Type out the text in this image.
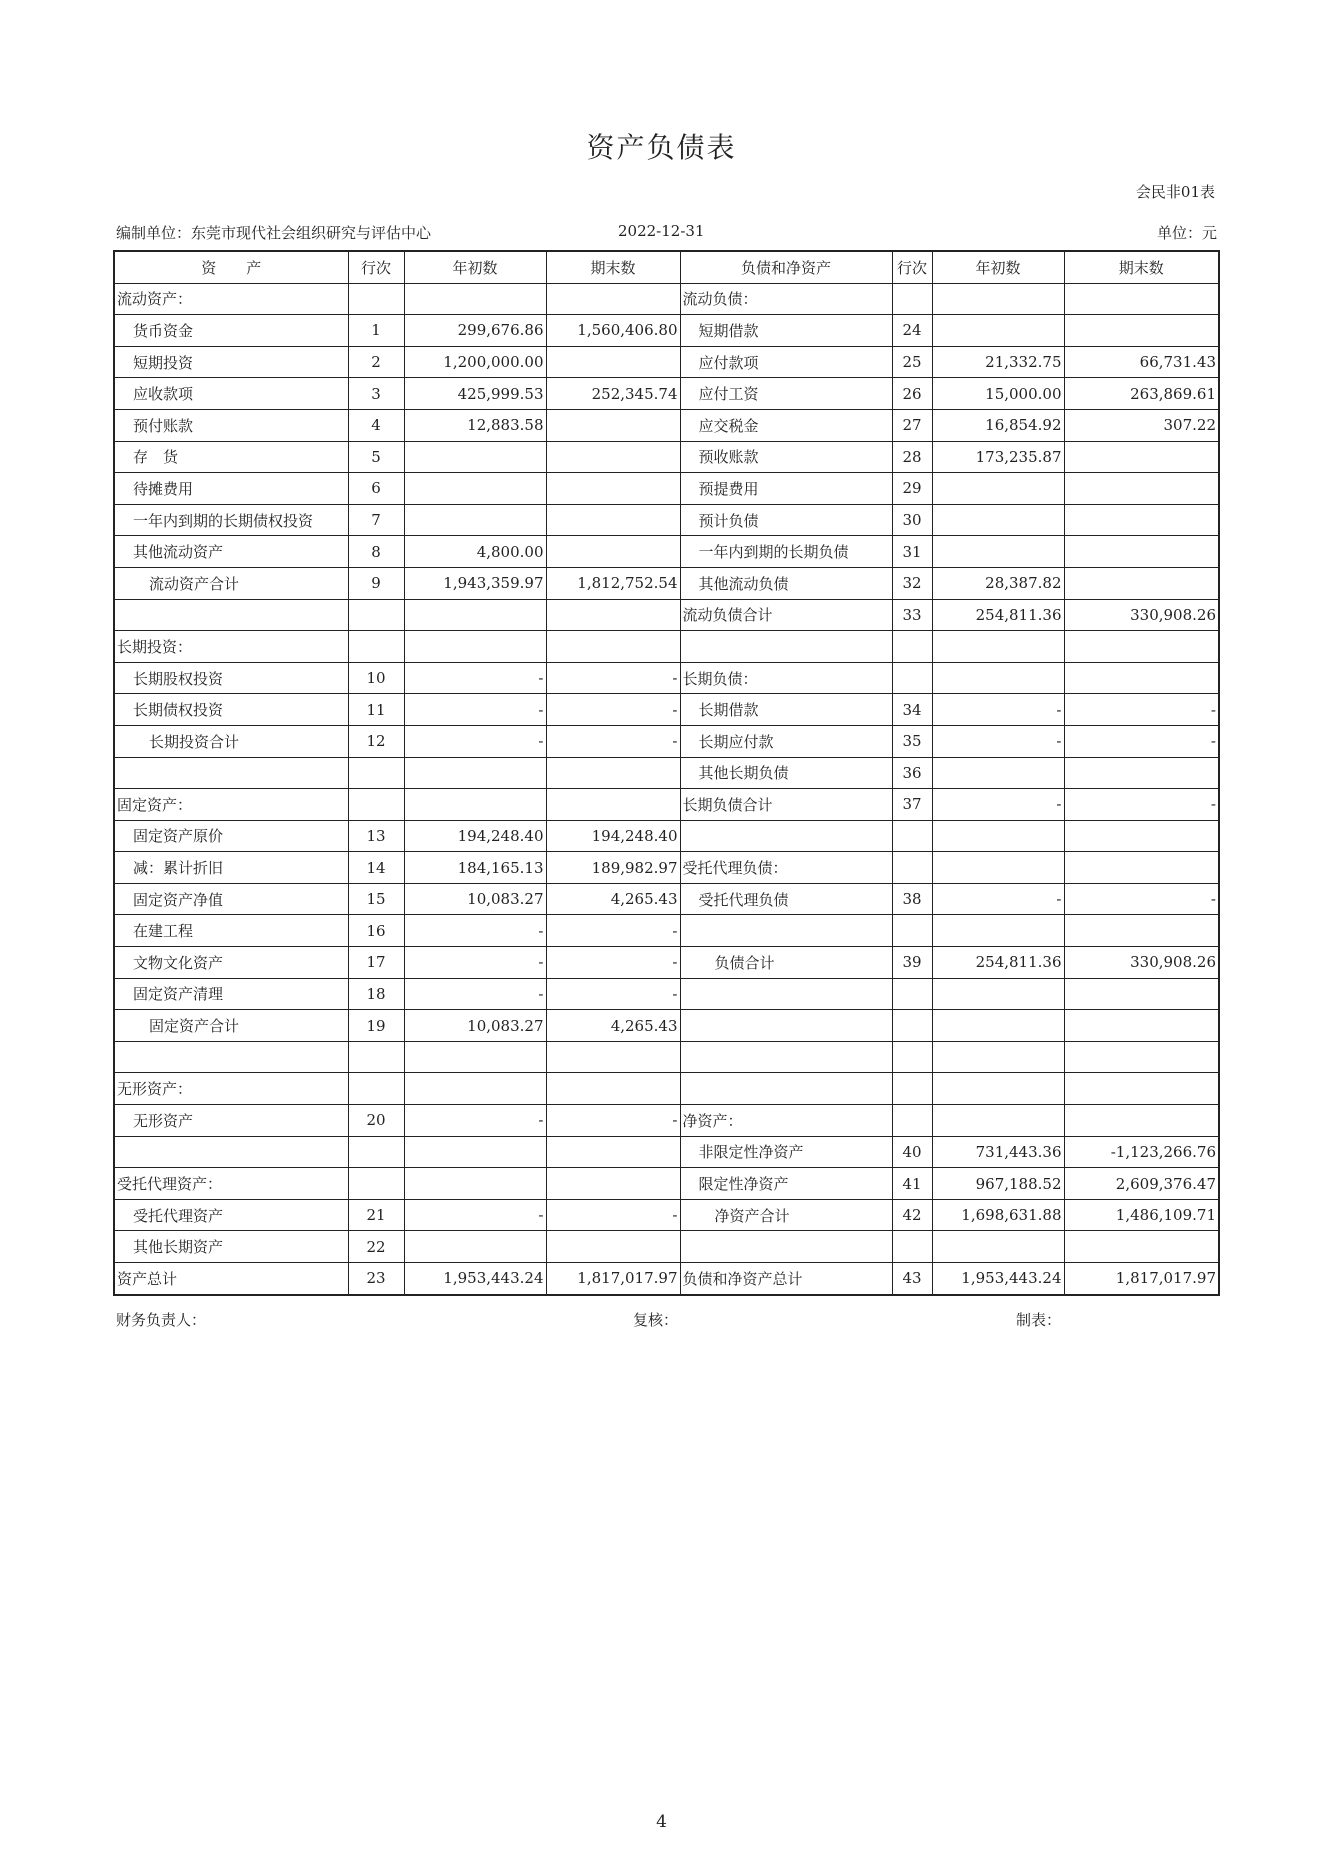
资产负债表
会民非01表
编制单位：东莞市现代社会组织研究与评估中心	2022-12-31	单位：元
资　　产	行次	年初数	期末数	负债和净资产	行次	年初数	期末数
流动资产：				流动负债：			
货币资金	1	299,676.86	1,560,406.80	短期借款	24		
短期投资	2	1,200,000.00		应付款项	25	21,332.75	66,731.43
应收款项	3	425,999.53	252,345.74	应付工资	26	15,000.00	263,869.61
预付账款	4	12,883.58		应交税金	27	16,854.92	307.22
存　货	5			预收账款	28	173,235.87	
待摊费用	6			预提费用	29		
一年内到期的长期债权投资	7			预计负债	30		
其他流动资产	8	4,800.00		一年内到期的长期负债	31		
流动资产合计	9	1,943,359.97	1,812,752.54	其他流动负债	32	28,387.82	
				流动负债合计	33	254,811.36	330,908.26
长期投资：							
长期股权投资	10	-	-	长期负债：			
长期债权投资	11	-	-	长期借款	34	-	-
长期投资合计	12	-	-	长期应付款	35	-	-
				其他长期负债	36		
固定资产：				长期负债合计	37	-	-
固定资产原价	13	194,248.40	194,248.40				
减：累计折旧	14	184,165.13	189,982.97	受托代理负债：			
固定资产净值	15	10,083.27	4,265.43	受托代理负债	38	-	-
在建工程	16	-	-				
文物文化资产	17	-	-	负债合计	39	254,811.36	330,908.26
固定资产清理	18	-	-				
固定资产合计	19	10,083.27	4,265.43				

无形资产：							
无形资产	20	-	-	净资产：			
				非限定性净资产	40	731,443.36	-1,123,266.76
受托代理资产：				限定性净资产	41	967,188.52	2,609,376.47
受托代理资产	21	-	-	净资产合计	42	1,698,631.88	1,486,109.71
其他长期资产	22						
资产总计	23	1,953,443.24	1,817,017.97	负债和净资产总计	43	1,953,443.24	1,817,017.97
财务负责人：	复核：	制表：
4
